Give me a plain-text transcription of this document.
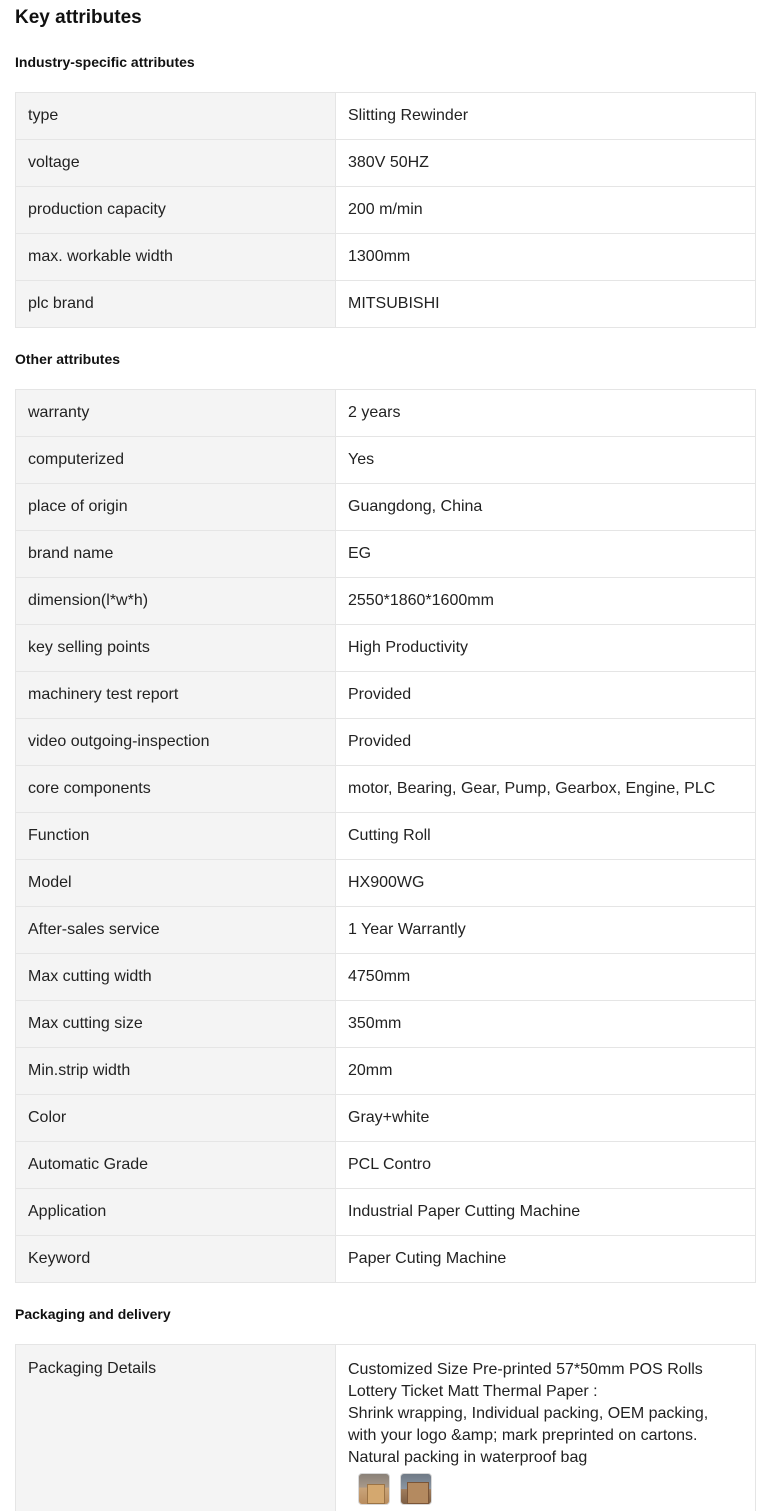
Key attributes
Industry-specific attributes
type	Slitting Rewinder
voltage	380V 50HZ
production capacity	200 m/min
max. workable width	1300mm
plc brand	MITSUBISHI
Other attributes
warranty	2 years
computerized	Yes
place of origin	Guangdong, China
brand name	EG
dimension(l*w*h)	2550*1860*1600mm
key selling points	High Productivity
machinery test report	Provided
video outgoing-inspection	Provided
core components	motor, Bearing, Gear, Pump, Gearbox, Engine, PLC
Function	Cutting Roll
Model	HX900WG
After-sales service	1 Year Warrantly
Max cutting width	4750mm
Max cutting size	350mm
Min.strip width	20mm
Color	Gray+white
Automatic Grade	PCL Contro
Application	Industrial Paper Cutting Machine
Keyword	Paper Cuting Machine
Packaging and delivery
Packaging Details	Customized Size Pre-printed 57*50mm POS Rolls
Lottery Ticket Matt Thermal Paper :
Shrink wrapping, Individual packing, OEM packing,
with your logo &amp; mark preprinted on cartons.
Natural packing in waterproof bag
